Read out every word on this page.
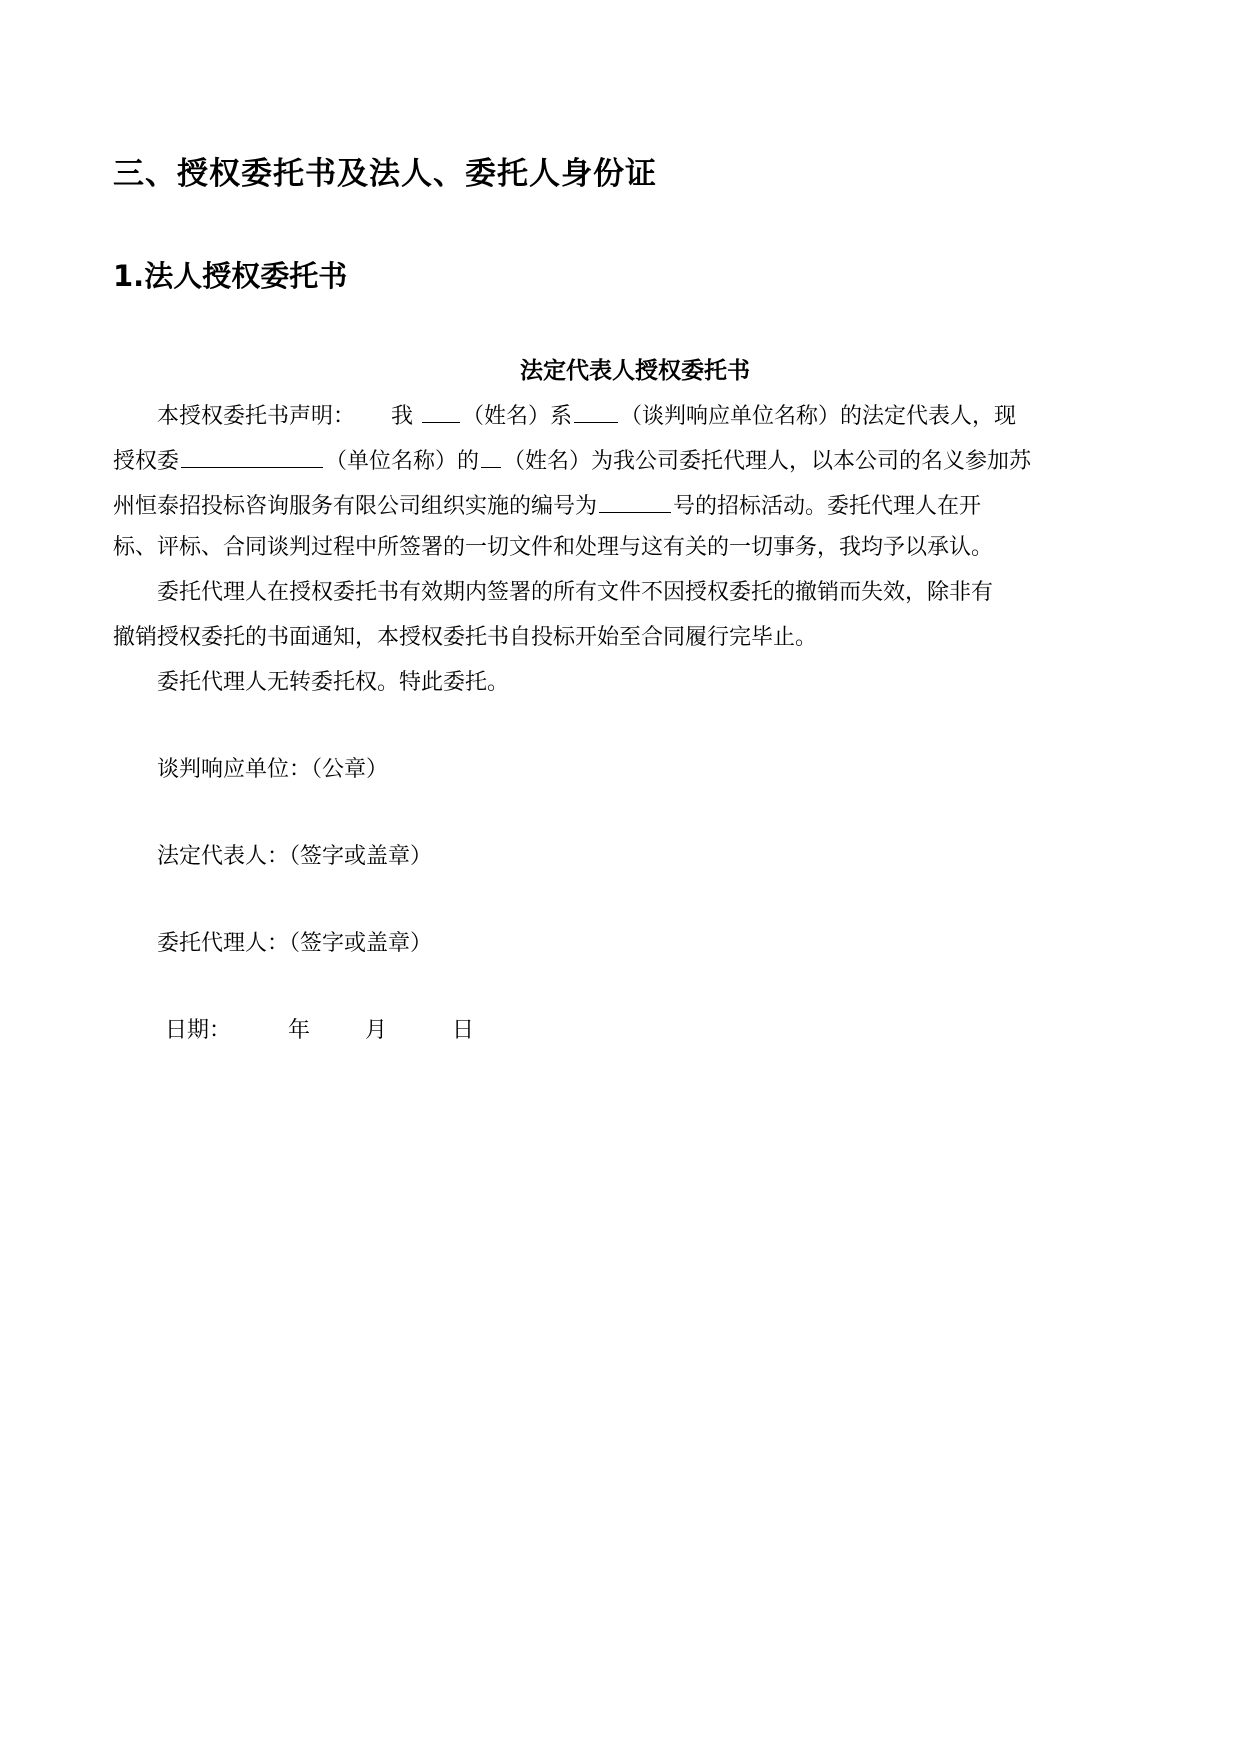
三、授权委托书及法人、委托人身份证
1.法人授权委托书
法定代表人授权委托书
本授权委托书声明： 我 （姓名）系 （谈判响应单位名称）的法定代表人，现
授权委	（单位名称）的 （姓名）为我公司委托代理人，以本公司的名义参加苏
州恒泰招投标咨询服务有限公司组织实施的编号为	号的招标活动。委托代理人在开
标、评标、合同谈判过程中所签署的一切文件和处理与这有关的一切事务，我均予以承认。
委托代理人在授权委托书有效期内签署的所有文件不因授权委托的撤销而失效，除非有
撤销授权委托的书面通知，本授权委托书自投标开始至合同履行完毕止。
委托代理人无转委托权。特此委托。
谈判响应单位：（公章）
法定代表人：（签字或盖章）
委托代理人：（签字或盖章）
日期：	年 月	日
